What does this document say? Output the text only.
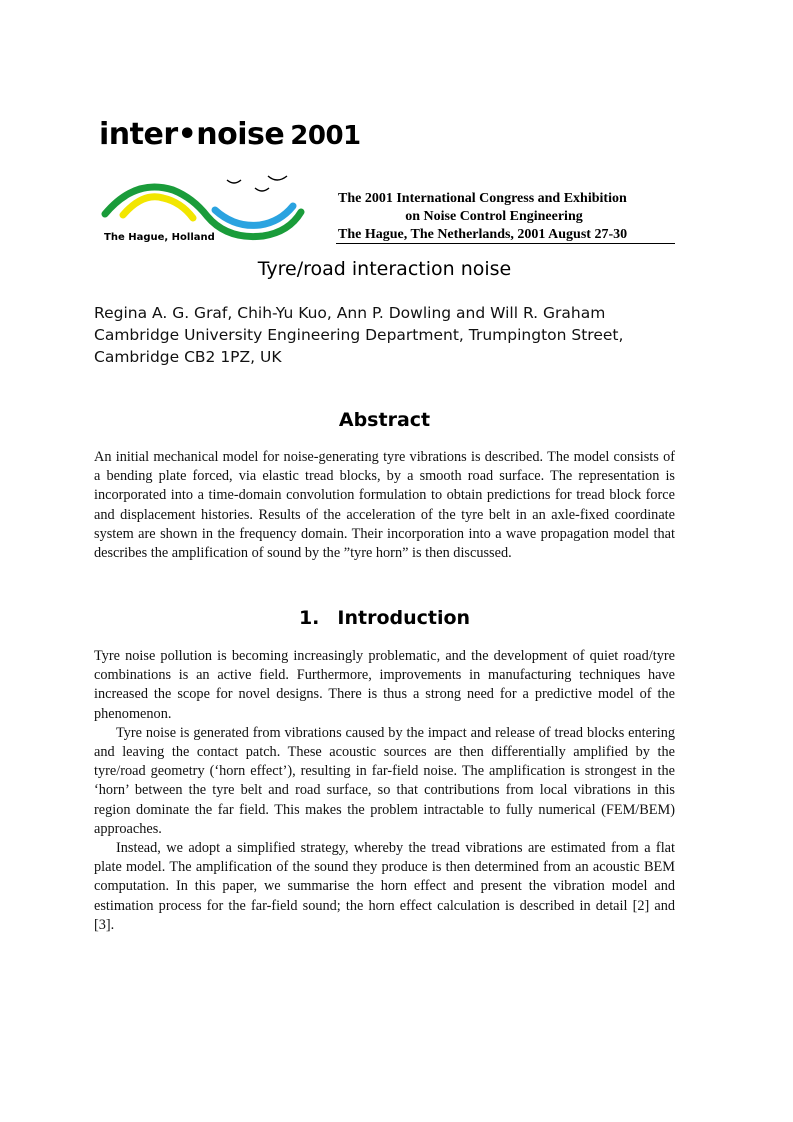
inter•noise 2001
The Hague, Holland
The 2001 International Congress and Exhibition
on Noise Control Engineering
The Hague, The Netherlands, 2001 August 27-30
Tyre/road interaction noise
Regina A. G. Graf, Chih-Yu Kuo, Ann P. Dowling and Will R. Graham
Cambridge University Engineering Department, Trumpington Street,
Cambridge CB2 1PZ, UK
Abstract

An initial mechanical model for noise-generating tyre vibrations is described. The model consists of a bending plate forced, via elastic tread blocks, by a smooth road surface. The representation is incorporated into a time-domain convolution formulation to obtain predictions for tread block force and displacement histories. Results of the acceleration of the tyre belt in an axle-fixed coordinate system are shown in the frequency domain. Their incorporation into a wave propagation model that describes the amplification of sound by the ”tyre horn” is then discussed.

1. Introduction

Tyre noise pollution is becoming increasingly problematic, and the development of quiet road/tyre combinations is an active field. Furthermore, improvements in manufacturing techniques have increased the scope for novel designs. There is thus a strong need for a predictive model of the phenomenon.

Tyre noise is generated from vibrations caused by the impact and release of tread blocks entering and leaving the contact patch. These acoustic sources are then differentially amplified by the tyre/road geometry (‘horn effect’), resulting in far-field noise. The amplification is strongest in the ‘horn’ between the tyre belt and road surface, so that contributions from local vibrations in this region dominate the far field. This makes the problem intractable to fully numerical (FEM/BEM) approaches.

Instead, we adopt a simplified strategy, whereby the tread vibrations are estimated from a flat plate model. The amplification of the sound they produce is then determined from an acoustic BEM computation. In this paper, we summarise the horn effect and present the vibration model and estimation process for the far-field sound; the horn effect calculation is described in detail [2] and [3].
